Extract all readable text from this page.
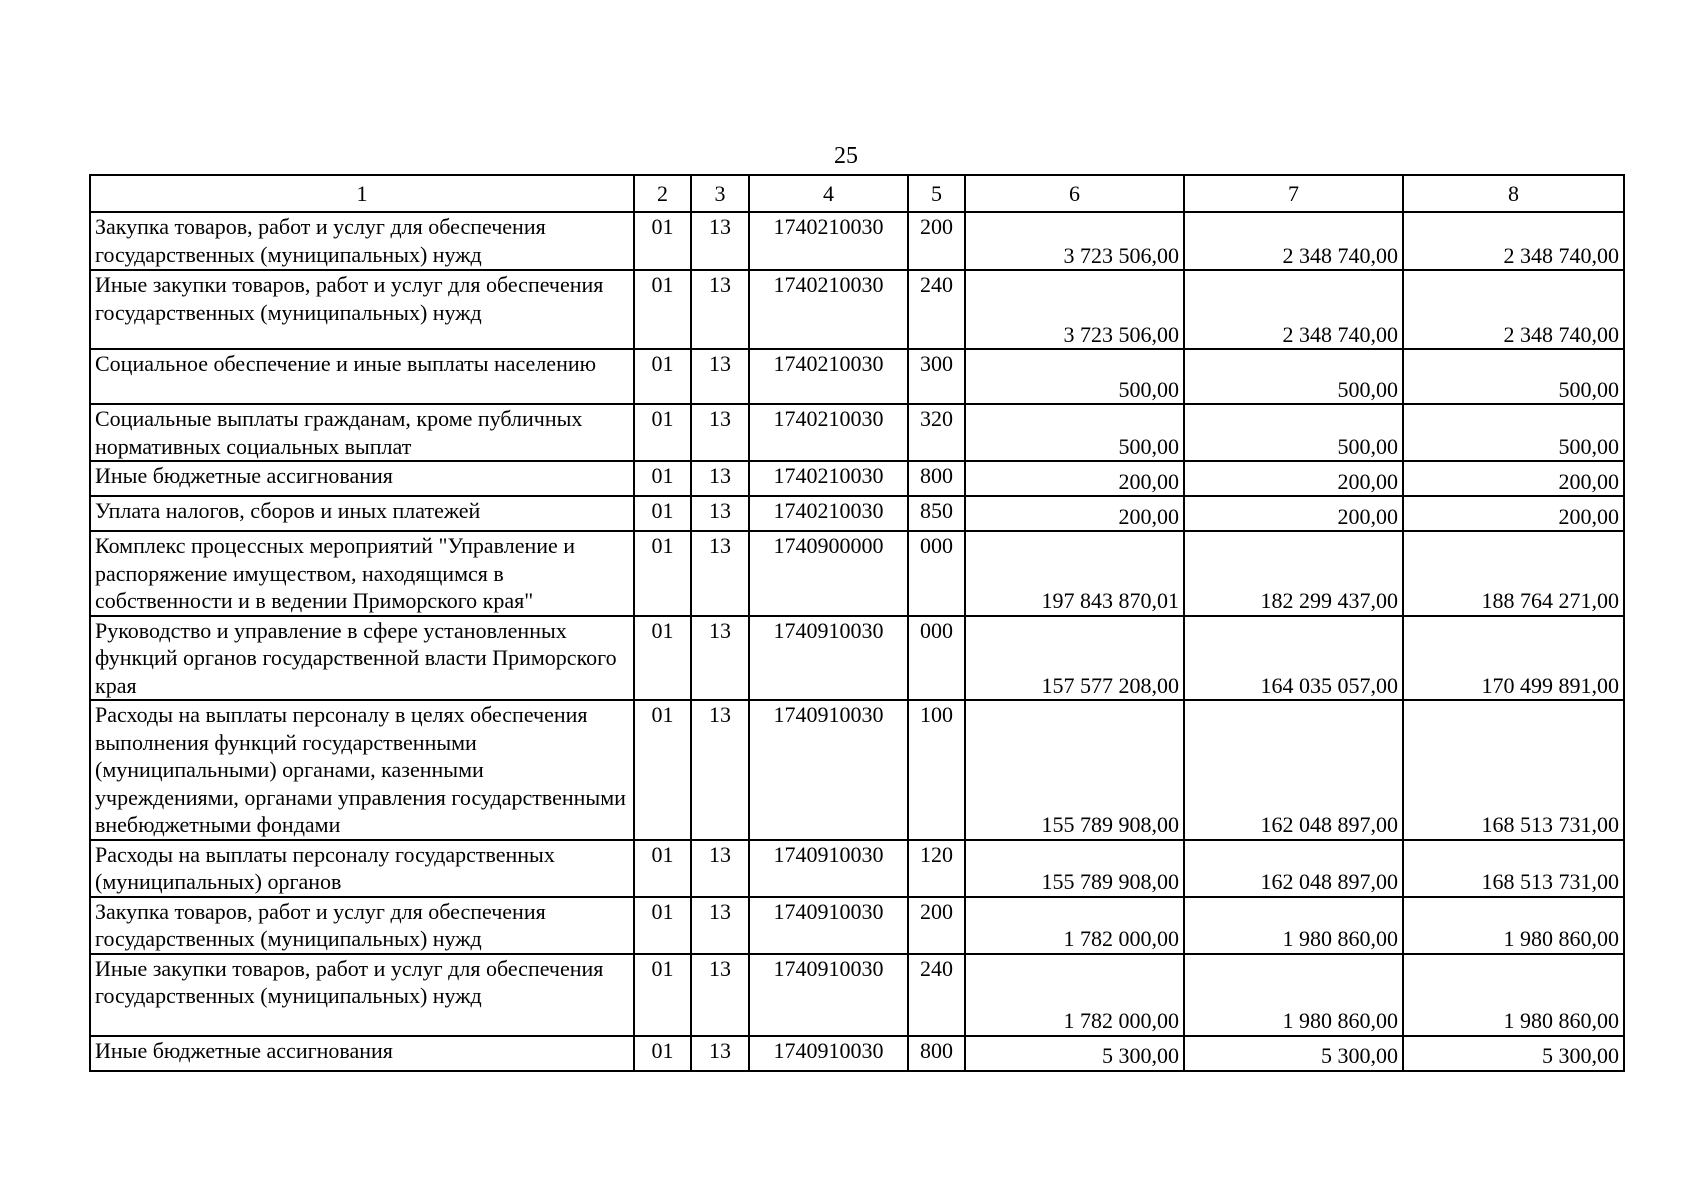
25
1	2	3	4	5	6	7	8
Закупка товаров, работ и услуг для обеспечения государственных (муниципальных) нужд	01	13	1740210030	200	3 723 506,00	2 348 740,00	2 348 740,00
Иные закупки товаров, работ и услуг для обеспечения государственных (муниципальных) нужд	01	13	1740210030	240	3 723 506,00	2 348 740,00	2 348 740,00
Социальное обеспечение и иные выплаты населению	01	13	1740210030	300	500,00	500,00	500,00
Социальные выплаты гражданам, кроме публичных нормативных социальных выплат	01	13	1740210030	320	500,00	500,00	500,00
Иные бюджетные ассигнования	01	13	1740210030	800	200,00	200,00	200,00
Уплата налогов, сборов и иных платежей	01	13	1740210030	850	200,00	200,00	200,00
Комплекс процессных мероприятий "Управление и распоряжение имуществом, находящимся в собственности и в ведении Приморского края"	01	13	1740900000	000	197 843 870,01	182 299 437,00	188 764 271,00
Руководство и управление в сфере установленных функций органов государственной власти Приморского края	01	13	1740910030	000	157 577 208,00	164 035 057,00	170 499 891,00
Расходы на выплаты персоналу в целях обеспечения выполнения функций государственными (муниципальными) органами, казенными учреждениями, органами управления государственными внебюджетными фондами	01	13	1740910030	100	155 789 908,00	162 048 897,00	168 513 731,00
Расходы на выплаты персоналу государственных (муниципальных) органов	01	13	1740910030	120	155 789 908,00	162 048 897,00	168 513 731,00
Закупка товаров, работ и услуг для обеспечения государственных (муниципальных) нужд	01	13	1740910030	200	1 782 000,00	1 980 860,00	1 980 860,00
Иные закупки товаров, работ и услуг для обеспечения государственных (муниципальных) нужд	01	13	1740910030	240	1 782 000,00	1 980 860,00	1 980 860,00
Иные бюджетные ассигнования	01	13	1740910030	800	5 300,00	5 300,00	5 300,00
